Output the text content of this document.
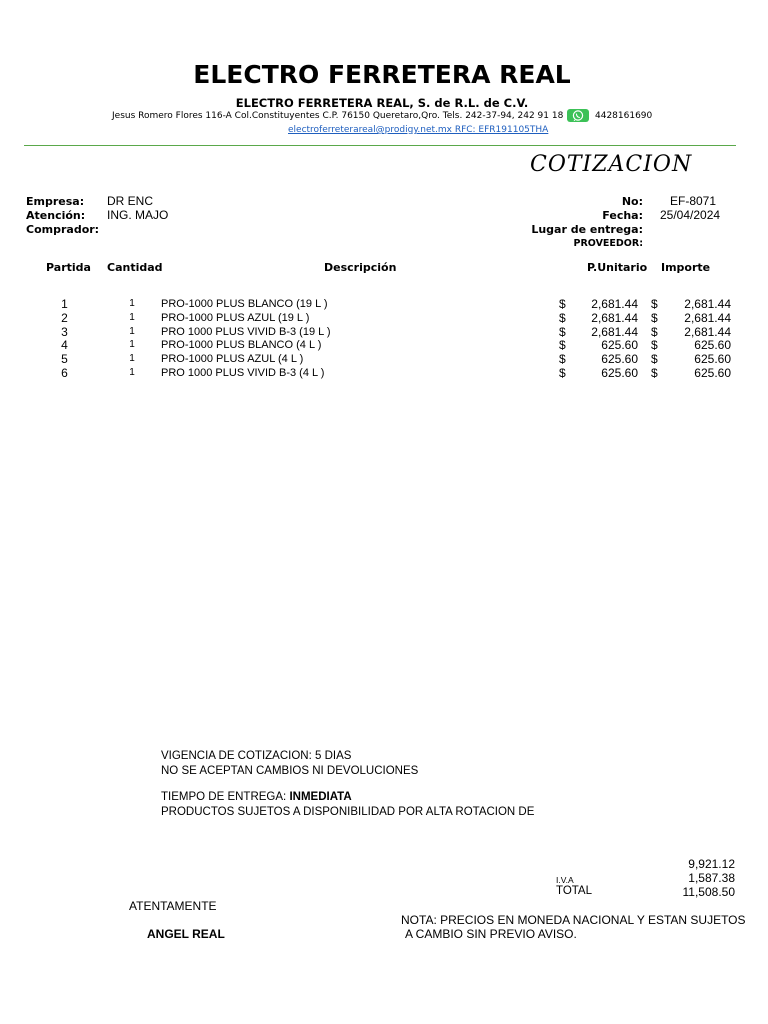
ELECTRO FERRETERA REAL
ELECTRO FERRETERA REAL, S. de R.L. de C.V.
Jesus Romero Flores 116-A Col.Constituyentes C.P. 76150 Queretaro,Qro. Tels. 242-37-94, 242 91 18	4428161690
electroferreterareal@prodigy.net.mx RFC: EFR191105THA
COTIZACION
Empresa: DR ENC
Atención: ING. MAJO
Comprador:
No: EF-8071
Fecha: 25/04/2024
Lugar de entrega:
PROVEEDOR:
Partida Cantidad	Descripción	P.Unitario Importe
1	1	PRO-1000 PLUS BLANCO (19 L )	$	2,681.44 $	2,681.44
2	1	PRO-1000 PLUS AZUL (19 L )	$	2,681.44 $	2,681.44
3	1	PRO 1000 PLUS VIVID B-3 (19 L )	$	2,681.44 $	2,681.44
4	1	PRO-1000 PLUS BLANCO (4 L )	$	625.60 $	625.60
5	1	PRO-1000 PLUS AZUL (4 L )	$	625.60 $	625.60
6	1	PRO 1000 PLUS VIVID B-3 (4 L )	$	625.60 $	625.60
VIGENCIA DE COTIZACION: 5 DIAS
NO SE ACEPTAN CAMBIOS NI DEVOLUCIONES
TIEMPO DE ENTREGA: INMEDIATA
PRODUCTOS SUJETOS A DISPONIBILIDAD POR ALTA ROTACION DE
9,921.12
I.V.A	1,587.38
TOTAL	11,508.50
ATENTAMENTE
ANGEL REAL
NOTA: PRECIOS EN MONEDA NACIONAL Y ESTAN SUJETOS
A CAMBIO SIN PREVIO AVISO.
